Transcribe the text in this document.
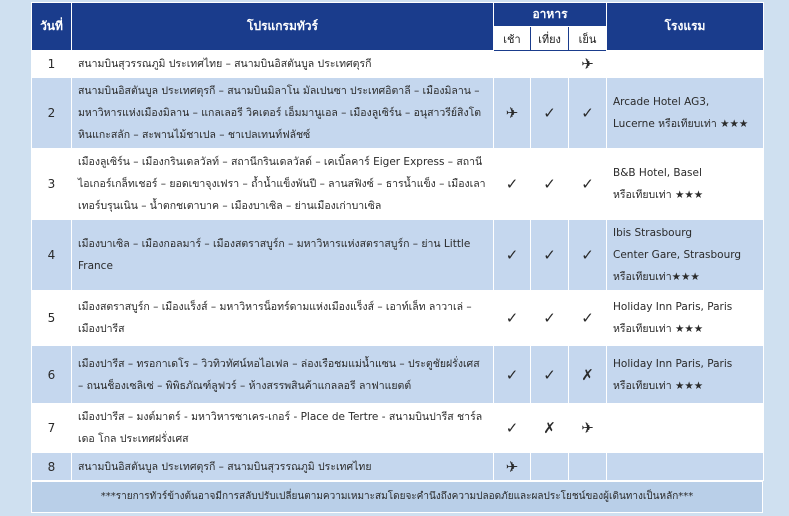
วันที่	โปรแกรมทัวร์	อาหาร			โรงแรม
		เช้า	เที่ยง	เย็น	
1	สนามบินสุวรรณภูมิ ประเทศไทย – สนามบินอิสตันบูล ประเทศตุรกี			✈	
2	สนามบินอิสตันบูล ประเทศตุรกี – สนามบินมิลาโน มัลเปนซา ประเทศอิตาลี – เมืองมิลาน – มหาวิหารแห่งเมืองมิลาน – แกลเลอรี วิคเตอร์ เอ็มมานูเอล – เมืองลูเซิร์น – อนุสาวรีย์สิงโตหินแกะสลัก – สะพานไม้ชาเปล – ชาเปลเทนท์ฟลัชซ์	✈	✓	✓	Arcade Hotel AG3,
Lucerne หรือเทียบเท่า ★★★

3	เมืองลูเซิร์น – เมืองกรินเดลวัลท์ – สถานีกรินเดลวัลด์ – เคเบิ้ลคาร์ Eiger Express – สถานีไอเกอร์เกล็ทเชอร์ – ยอดเขาจุงเฟรา – ถ้ำน้ำแข็งพันปี – ลานสฟิงซ์ – ธารน้ำแข็ง – เมืองเลาเทอร์บรุนเนิน – น้ำตกชเตาบาค – เมืองบาเซิล – ย่านเมืองเก่าบาเซิล	✓	✓	✓	B&B Hotel, Basel
หรือเทียบเท่า ★★★

4	เมืองบาเซิล – เมืองกอลมาร์ – เมืองสตราสบูร์ก – มหาวิหารแห่งสตราสบูร์ก – ย่าน Little France	✓	✓	✓	Ibis Strasbourg
Center Gare, Strasbourg
หรือเทียบเท่า★★★

5	เมืองสตราสบูร์ก – เมืองแร็งส์ – มหาวิหารน็อทร์ดามแห่งเมืองแร็งส์ – เอาท์เล็ท ลาวาเล่ – เมืองปารีส	✓	✓	✓	Holiday Inn Paris, Paris
หรือเทียบเท่า ★★★

6	เมืองปารีส – ทรอกาเดโร – วิวทิวทัศน์หอไอเฟล – ล่องเรือชมแม่น้ำแซน – ประตูชัยฝรั่งเศส – ถนนช็องเซลิเซ่ – พิพิธภัณฑ์ลูฟวร์ – ห้างสรรพสินค้าแกลลอรี ลาฟาแยตต์	✓	✓	✗	Holiday Inn Paris, Paris
หรือเทียบเท่า ★★★

7	เมืองปารีส – มงต์มาตร์ - มหาวิหารซาเคร-เกอร์ - Place de Tertre - สนามบินปารีส ชาร์ล เดอ โกล ประเทศฝรั่งเศส	✓	✗	✈	
8	สนามบินอิสตันบูล ประเทศตุรกี – สนามบินสุวรรณภูมิ ประเทศไทย	✈			
***รายการทัวร์ข้างต้นอาจมีการสลับปรับเปลี่ยนตามความเหมาะสมโดยจะคำนึงถึงความปลอดภัยและผลประโยชน์ของผู้เดินทางเป็นหลัก***
